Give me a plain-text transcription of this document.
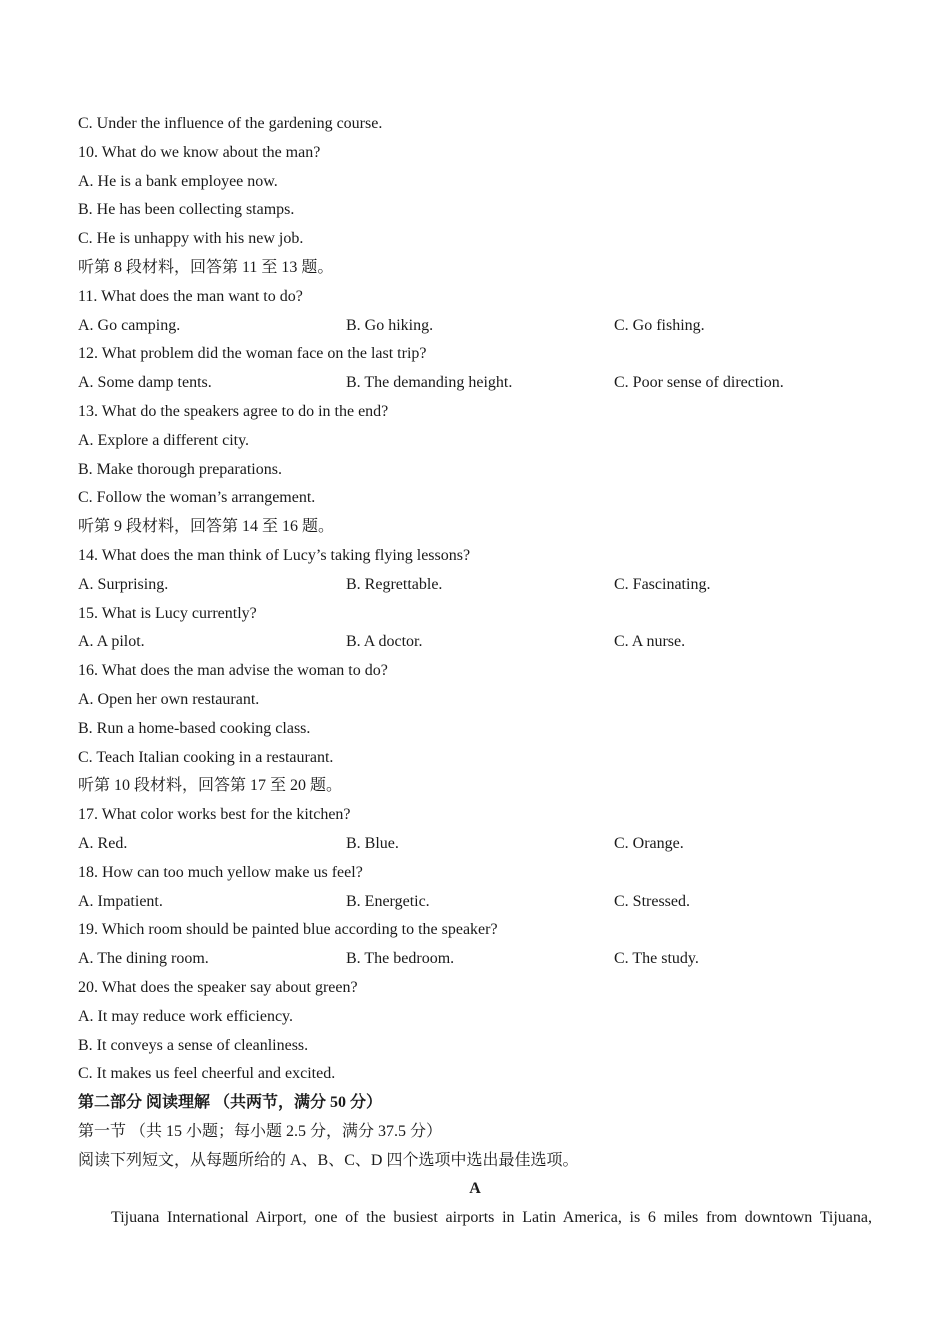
C. Under the influence of the gardening course.
10. What do we know about the man?
A. He is a bank employee now.
B. He has been collecting stamps.
C. He is unhappy with his new job.
听第 8 段材料，回答第 11 至 13 题。
11. What does the man want to do?
A. Go camping.	B. Go hiking.	C. Go fishing.
12. What problem did the woman face on the last trip?
A. Some damp tents.	B. The demanding height.	C. Poor sense of direction.
13. What do the speakers agree to do in the end?
A. Explore a different city.
B. Make thorough preparations.
C. Follow the woman’s arrangement.
听第 9 段材料，回答第 14 至 16 题。
14. What does the man think of Lucy’s taking flying lessons?
A. Surprising.	B. Regrettable.	C. Fascinating.
15. What is Lucy currently?
A. A pilot.	B. A doctor.	C. A nurse.
16. What does the man advise the woman to do?
A. Open her own restaurant.
B. Run a home-based cooking class.
C. Teach Italian cooking in a restaurant.
听第 10 段材料，回答第 17 至 20 题。
17. What color works best for the kitchen?
A. Red.	B. Blue.	C. Orange.
18. How can too much yellow make us feel?
A. Impatient.	B. Energetic.	C. Stressed.
19. Which room should be painted blue according to the speaker?
A. The dining room.	B. The bedroom.	C. The study.
20. What does the speaker say about green?
A. It may reduce work efficiency.
B. It conveys a sense of cleanliness.
C. It makes us feel cheerful and excited.
第二部分 阅读理解 （共两节，满分 50 分）
第一节 （共 15 小题；每小题 2.5 分，满分 37.5 分）
阅读下列短文，从每题所给的 A、B、C、D 四个选项中选出最佳选项。
A
Tijuana International Airport, one of the busiest airports in Latin America, is 6 miles from downtown Tijuana,
